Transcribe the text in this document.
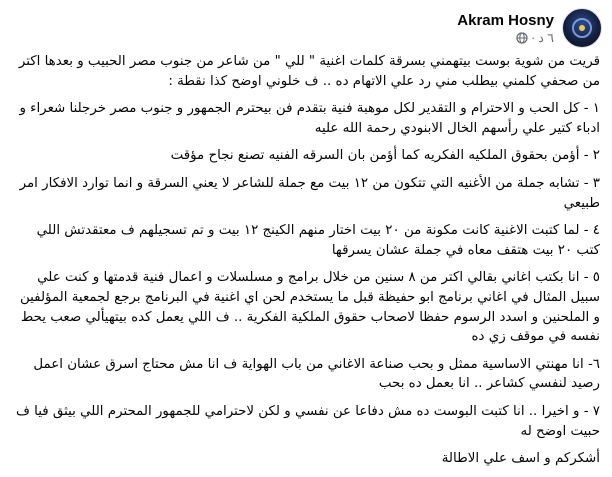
Akram Hosny
٦ د
·

قريت من شوية بوست بيتهمني بسرقة كلمات اغنية " للي " من شاعر من جنوب مصر الحبيب و بعدها اكتر من صحفي كلمني بيطلب مني رد علي الاتهام ده .. ف خلوني اوضح كذا نقطة :

١ - كل الحب و الاحترام و التقدير لكل موهبة فنية بتقدم فن بيحترم الجمهور و جنوب مصر خرجلنا شعراء و ادباء كتير علي رأسهم الخال الابنودي رحمة الله عليه

٢ - أؤمن بحقوق الملكيه الفكريه كما أؤمن بان السرقه الفنيه تصنع نجاح مؤقت

٣ - تشابه جملة من الأغنيه التي تتكون من ١٢ بيت مع جملة للشاعر لا يعني السرقة و انما توارد الافكار امر طبيعي

٤ - لما كتبت الاغنية كانت مكونة من ٢٠ بيت اختار منهم الكينج ١٢ بيت و تم تسجيلهم ف معتقدتش اللي كتب ٢٠ بيت هتقف معاه في جملة عشان يسرقها

٥ - انا بكتب اغاني بقالي اكتر من ٨ سنين من خلال برامج و مسلسلات و اعمال فنية قدمتها و كنت علي سبيل المثال في اغاني برنامج ابو حفيظة قبل ما يستخدم لحن اي اغنية في البرنامج برجع لجمعية المؤلفين و الملحنين و اسدد الرسوم حفظا لاصحاب حقوق الملكية الفكرية .. ف اللي يعمل كده بيتهيألي صعب يحط نفسه في موقف زي ده

٦- انا مهنتي الاساسية ممثل و بحب صناعة الاغاني من باب الهواية ف انا مش محتاج اسرق عشان اعمل رصيد لنفسي كشاعر .. انا بعمل ده بحب

٧ - و اخيرا .. انا كتبت البوست ده مش دفاعا عن نفسي و لكن لاحترامي للجمهور المحترم اللي بيثق فيا ف حبيت اوضح له

أشكركم و اسف علي الاطالة
